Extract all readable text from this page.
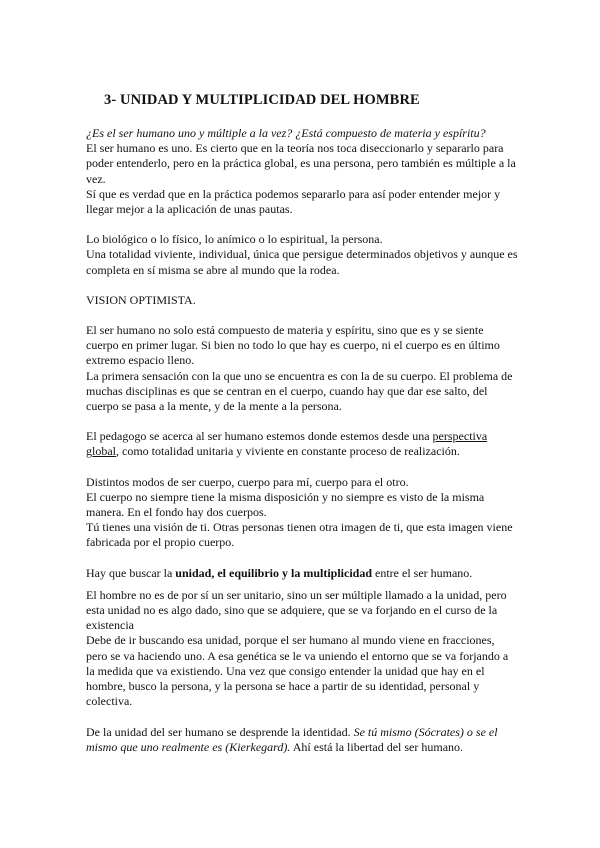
3- UNIDAD Y MULTIPLICIDAD DEL HOMBRE

¿Es el ser humano uno y múltiple a la vez? ¿Está compuesto de materia y espíritu?

El ser humano es uno. Es cierto que en la teoría nos toca diseccionarlo y separarlo para poder entenderlo, pero en la práctica global, es una persona, pero también es múltiple a la vez.

Sí que es verdad que en la práctica podemos separarlo para así poder entender mejor y llegar mejor a la aplicación de unas pautas.

Lo biológico o lo físico, lo anímico o lo espiritual, la persona.

Una totalidad viviente, individual, única que persigue determinados objetivos y aunque es completa en sí misma se abre al mundo que la rodea.

VISION OPTIMISTA.

El ser humano no solo está compuesto de materia y espíritu, sino que es y se siente cuerpo en primer lugar. Si bien no todo lo que hay es cuerpo, ni el cuerpo es en último extremo espacio lleno.

La primera sensación con la que uno se encuentra es con la de su cuerpo. El problema de muchas disciplinas es que se centran en el cuerpo, cuando hay que dar ese salto, del cuerpo se pasa a la mente, y de la mente a la persona.

El pedagogo se acerca al ser humano estemos donde estemos desde una perspectiva global, como totalidad unitaria y viviente en constante proceso de realización.

Distintos modos de ser cuerpo, cuerpo para mí, cuerpo para el otro.

El cuerpo no siempre tiene la misma disposición y no siempre es visto de la misma manera. En el fondo hay dos cuerpos.

Tú tienes una visión de ti. Otras personas tienen otra imagen de ti, que esta imagen viene fabricada por el propio cuerpo.

Hay que buscar la unidad, el equilibrio y la multiplicidad entre el ser humano.

El hombre no es de por sí un ser unitario, sino un ser múltiple llamado a la unidad, pero esta unidad no es algo dado, sino que se adquiere, que se va forjando en el curso de la existencia

Debe de ir buscando esa unidad, porque el ser humano al mundo viene en fracciones, pero se va haciendo uno. A esa genética se le va uniendo el entorno que se va forjando a la medida que va existiendo. Una vez que consigo entender la unidad que hay en el hombre, busco la persona, y la persona se hace a partir de su identidad, personal y colectiva.

De la unidad del ser humano se desprende la identidad. Se tú mismo (Sócrates) o se el mismo que uno realmente es (Kierkegard). Ahí está la libertad del ser humano.
